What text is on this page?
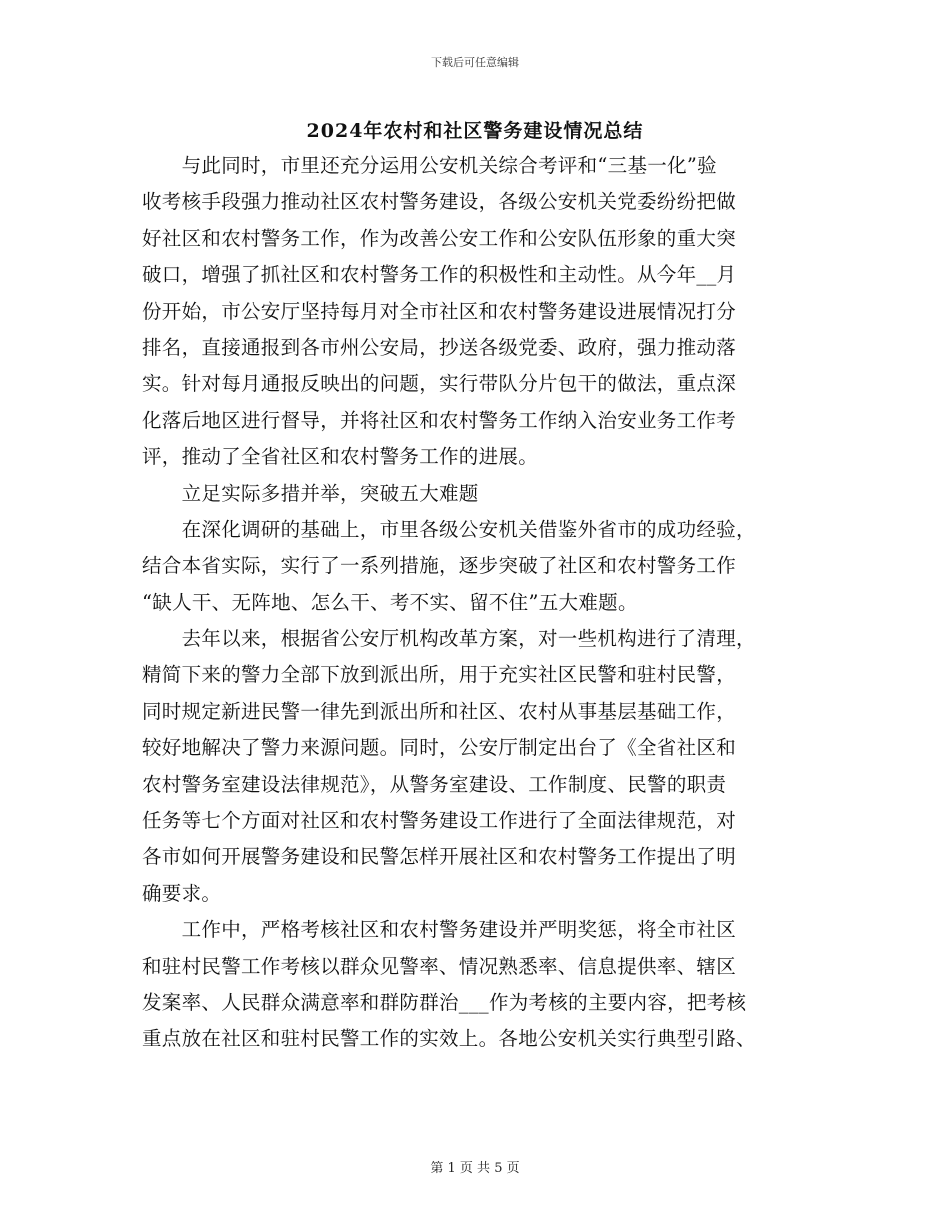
下载后可任意编辑
2024年农村和社区警务建设情况总结
　　与此同时，市里还充分运用公安机关综合考评和“三基一化”验
收考核手段强力推动社区农村警务建设，各级公安机关党委纷纷把做
好社区和农村警务工作，作为改善公安工作和公安队伍形象的重大突
破口，增强了抓社区和农村警务工作的积极性和主动性。从今年__月
份开始，市公安厅坚持每月对全市社区和农村警务建设进展情况打分
排名，直接通报到各市州公安局，抄送各级党委、政府，强力推动落
实。针对每月通报反映出的问题，实行带队分片包干的做法，重点深
化落后地区进行督导，并将社区和农村警务工作纳入治安业务工作考
评，推动了全省社区和农村警务工作的进展。
　　立足实际多措并举，突破五大难题
　　在深化调研的基础上，市里各级公安机关借鉴外省市的成功经验，
结合本省实际，实行了一系列措施，逐步突破了社区和农村警务工作
“缺人干、无阵地、怎么干、考不实、留不住”五大难题。
　　去年以来，根据省公安厅机构改革方案，对一些机构进行了清理，
精简下来的警力全部下放到派出所，用于充实社区民警和驻村民警，
同时规定新进民警一律先到派出所和社区、农村从事基层基础工作，
较好地解决了警力来源问题。同时，公安厅制定出台了《全省社区和
农村警务室建设法律规范》，从警务室建设、工作制度、民警的职责
任务等七个方面对社区和农村警务建设工作进行了全面法律规范，对
各市如何开展警务建设和民警怎样开展社区和农村警务工作提出了明
确要求。
　　工作中，严格考核社区和农村警务建设并严明奖惩，将全市社区
和驻村民警工作考核以群众见警率、情况熟悉率、信息提供率、辖区
发案率、人民群众满意率和群防群治___作为考核的主要内容，把考核
重点放在社区和驻村民警工作的实效上。各地公安机关实行典型引路、
第 1 页 共 5 页
